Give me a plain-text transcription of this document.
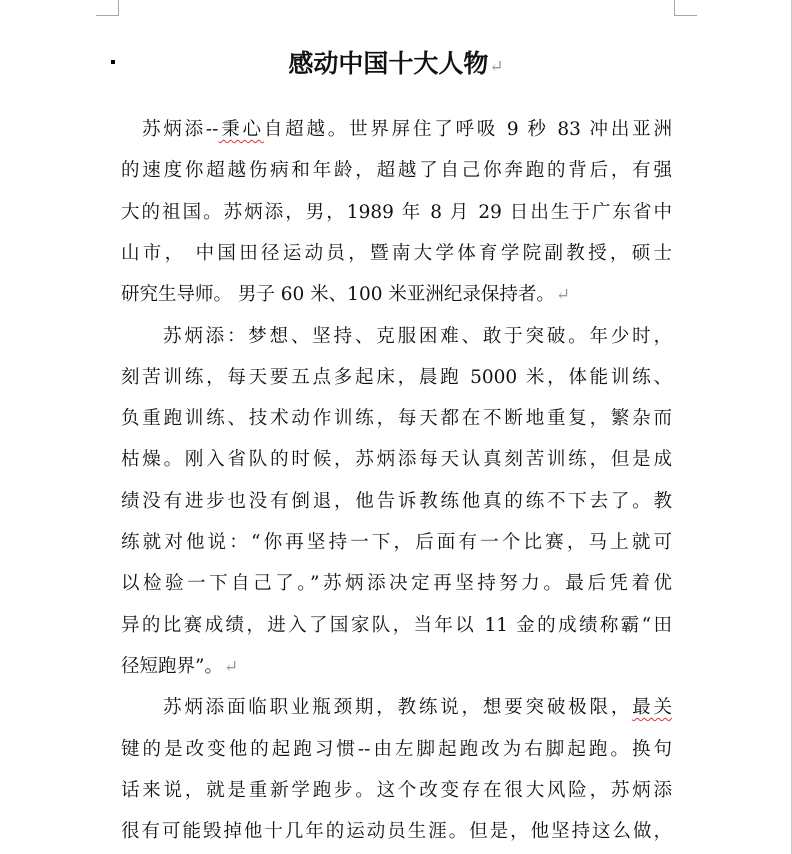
感动中国十大人物↵
苏炳添--秉心自超越。世界屏住了呼吸 9 秒 83 冲出亚洲
的速度你超越伤病和年龄，超越了自己你奔跑的背后，有强
大的祖国。苏炳添，男，1989 年 8 月 29 日出生于广东省中
山市， 中国田径运动员，暨南大学体育学院副教授，硕士
研究生导师。 男子 60 米、100 米亚洲纪录保持者。↵
苏炳添：梦想、坚持、克服困难、敢于突破。年少时，
刻苦训练，每天要五点多起床，晨跑 5000 米，体能训练、
负重跑训练、技术动作训练，每天都在不断地重复，繁杂而
枯燥。刚入省队的时候，苏炳添每天认真刻苦训练，但是成
绩没有进步也没有倒退，他告诉教练他真的练不下去了。教
练就对他说：“你再坚持一下，后面有一个比赛，马上就可
以检验一下自己了。”苏炳添决定再坚持努力。最后凭着优
异的比赛成绩，进入了国家队，当年以 11 金的成绩称霸“田
径短跑界”。↵
苏炳添面临职业瓶颈期，教练说，想要突破极限，最关
键的是改变他的起跑习惯--由左脚起跑改为右脚起跑。换句
话来说，就是重新学跑步。这个改变存在很大风险，苏炳添
很有可能毁掉他十几年的运动员生涯。但是，他坚持这么做，
